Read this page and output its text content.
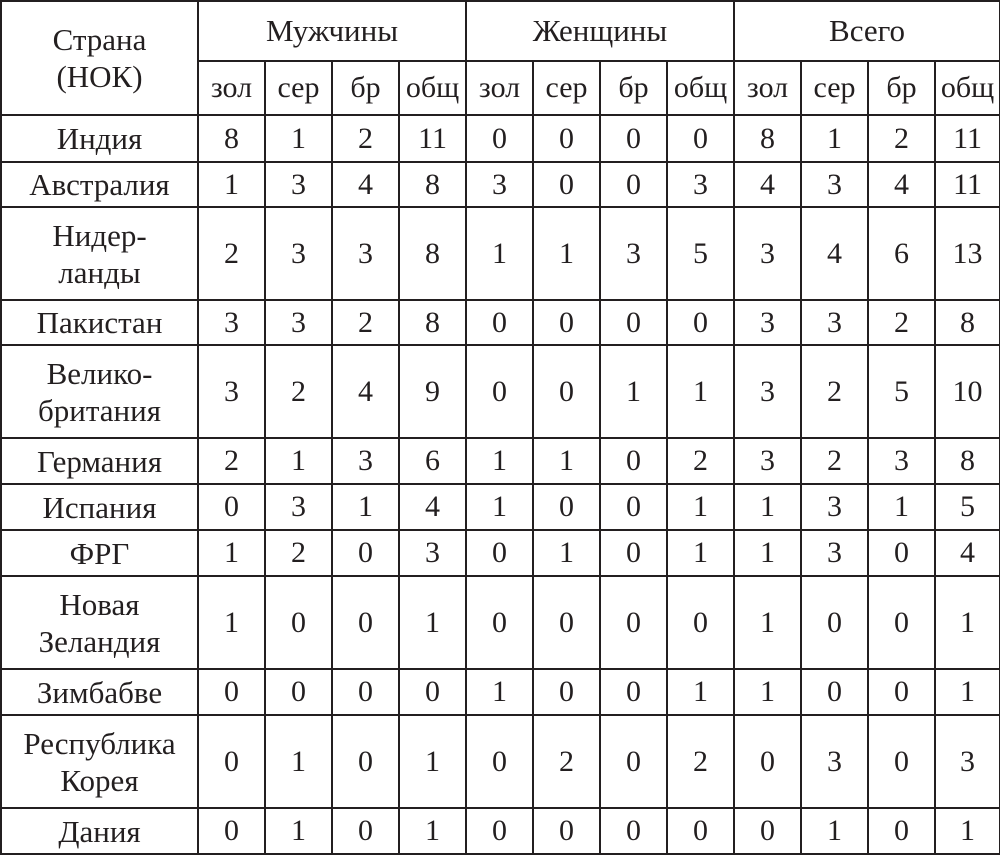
Страна
(НОК)	Мужчины				Женщины				Всего			
	зол	сер	бр	общ	зол	сер	бр	общ	зол	сер	бр	общ

Индия	8	1	2	11	0	0	0	0	8	1	2	11

Австралия	1	3	4	8	3	0	0	3	4	3	4	11

Нидер-
ланды	2	3	3	8	1	1	3	5	3	4	6	13

Пакистан	3	3	2	8	0	0	0	0	3	3	2	8

Велико-
британия	3	2	4	9	0	0	1	1	3	2	5	10

Германия	2	1	3	6	1	1	0	2	3	2	3	8

Испания	0	3	1	4	1	0	0	1	1	3	1	5

ФРГ	1	2	0	3	0	1	0	1	1	3	0	4

Новая
Зеландия	1	0	0	1	0	0	0	0	1	0	0	1

Зимбабве	0	0	0	0	1	0	0	1	1	0	0	1

Республика
Корея	0	1	0	1	0	2	0	2	0	3	0	3

Дания	0	1	0	1	0	0	0	0	0	1	0	1
